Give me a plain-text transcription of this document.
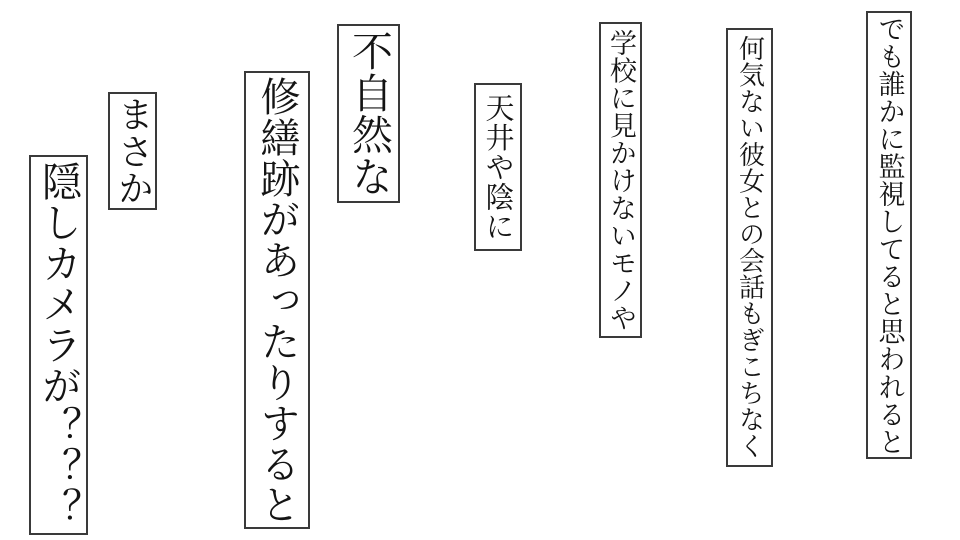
でも誰かに監視してると思われると
何気ない彼女との会話もぎこちなく
学校に見かけないモノや
天井や陰に
不自然な
修繕跡があったりすると
まさか
隠しカメラが？？？
